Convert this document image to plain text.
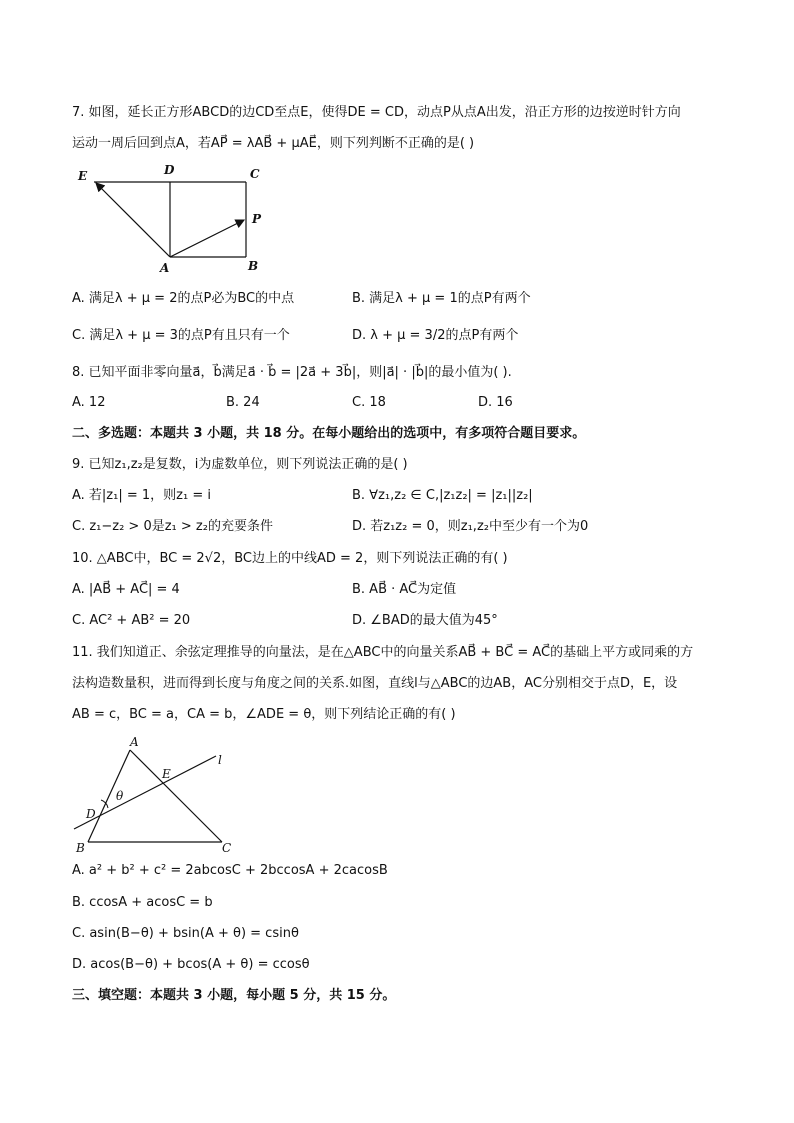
7. 如图，延长正方形ABCD的边CD至点E，使得DE = CD，动点P从点A出发，沿正方形的边按逆时针方向
运动一周后回到点A，若AP⃗ = λAB⃗ + μAE⃗，则下列判断不正确的是( )
E	D	C
P
A	B
A. 满足λ + μ = 2的点P必为BC的中点	B. 满足λ + μ = 1的点P有两个
C. 满足λ + μ = 3的点P有且只有一个	D. λ + μ = 3/2的点P有两个
8. 已知平面非零向量a⃗，b⃗满足a⃗ · b⃗ = |2a⃗ + 3b⃗|，则|a⃗| · |b⃗|的最小值为( ).
A. 12	B. 24	C. 18	D. 16
二、多选题：本题共 3 小题，共 18 分。在每小题给出的选项中，有多项符合题目要求。
9. 已知z₁,z₂是复数，i为虚数单位，则下列说法正确的是( )
A. 若|z₁| = 1，则z₁ = i	B. ∀z₁,z₂ ∈ C,|z₁z₂| = |z₁||z₂|
C. z₁−z₂ > 0是z₁ > z₂的充要条件	D. 若z₁z₂ = 0，则z₁,z₂中至少有一个为0
10. △ABC中，BC = 2√2，BC边上的中线AD = 2，则下列说法正确的有( )
A. |AB⃗ + AC⃗| = 4	B. AB⃗ · AC⃗为定值
C. AC² + AB² = 20	D. ∠BAD的最大值为45°
11. 我们知道正、余弦定理推导的向量法，是在△ABC中的向量关系AB⃗ + BC⃗ = AC⃗的基础上平方或同乘的方
法构造数量积，进而得到长度与角度之间的关系.如图，直线l与△ABC的边AB，AC分别相交于点D，E，设
AB = c，BC = a，CA = b，∠ADE = θ，则下列结论正确的有( )
A
B	C
D
E
l
θ
A. a² + b² + c² = 2abcosC + 2bccosA + 2cacosB
B. ccosA + acosC = b
C. asin(B−θ) + bsin(A + θ) = csinθ
D. acos(B−θ) + bcos(A + θ) = ccosθ
三、填空题：本题共 3 小题，每小题 5 分，共 15 分。
